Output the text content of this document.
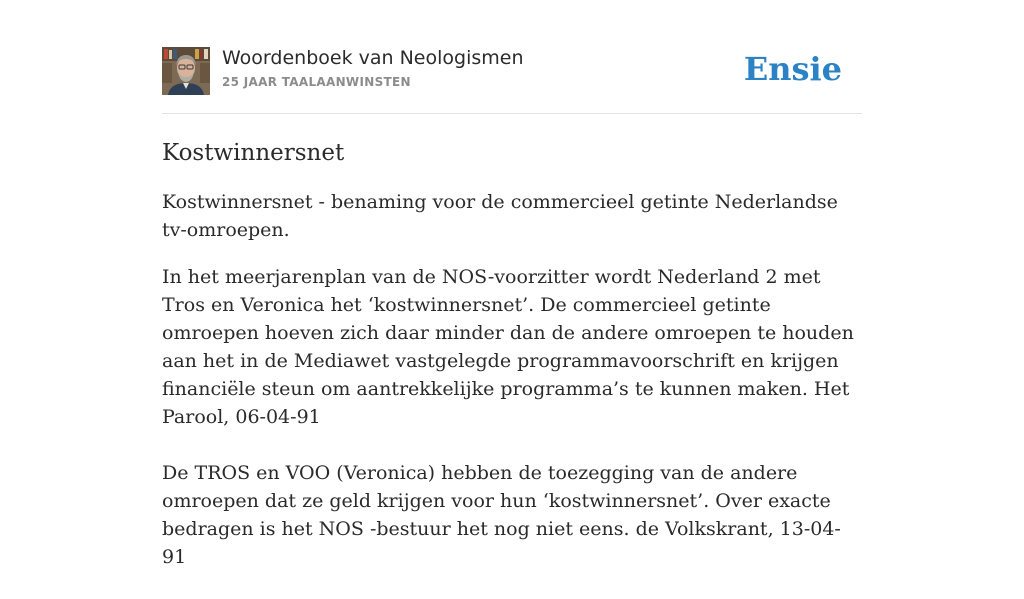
Woordenboek van Neologismen
25 JAAR TAALAANWINSTEN	Ensie
Kostwinnersnet

Kostwinnersnet - benaming voor de commercieel getinte Nederlandse tv-omroepen.

In het meerjarenplan van de NOS-voorzitter wordt Nederland 2 met Tros en Veronica het ‘kostwinnersnet’. De commercieel getinte omroepen hoeven zich daar minder dan de andere omroepen te houden aan het in de Mediawet vastgelegde programmavoorschrift en krijgen financiële steun om aantrekkelijke programma’s te kunnen maken. Het Parool, 06-04-91

De TROS en VOO (Veronica) hebben de toezegging van de andere omroepen dat ze geld krijgen voor hun ‘kostwinnersnet’. Over exacte bedragen is het NOS -bestuur het nog niet eens. de Volkskrant, 13-04-91
